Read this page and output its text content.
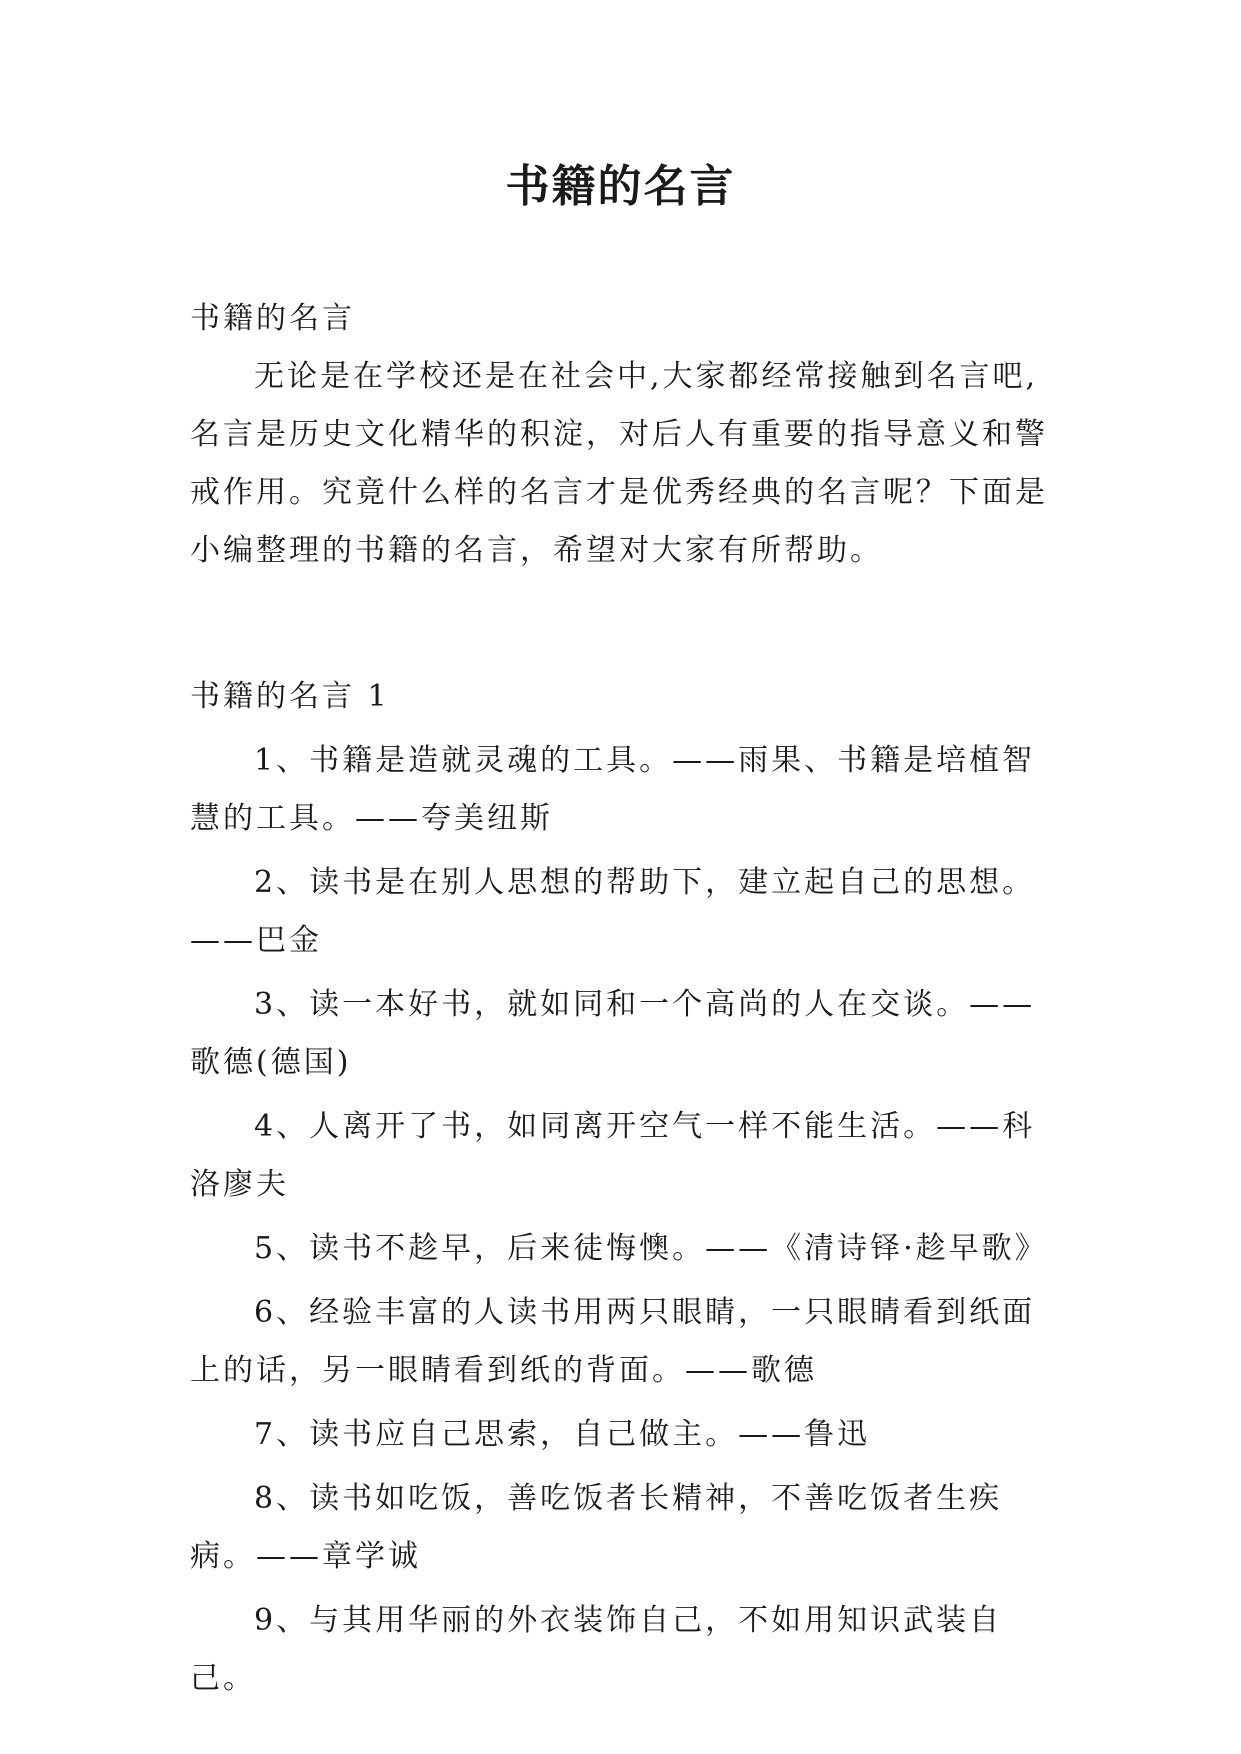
书籍的名言

书籍的名言

无论是在学校还是在社会中,大家都经常接触到名言吧,名言是历史文化精华的积淀，对后人有重要的指导意义和警戒作用。究竟什么样的名言才是优秀经典的名言呢？下面是小编整理的书籍的名言，希望对大家有所帮助。

书籍的名言 1

1、书籍是造就灵魂的工具。——雨果、书籍是培植智慧的工具。——夸美纽斯

2、读书是在别人思想的帮助下，建立起自己的思想。——巴金

3、读一本好书，就如同和一个高尚的人在交谈。——歌德(德国)

4、人离开了书，如同离开空气一样不能生活。——科洛廖夫

5、读书不趁早，后来徒悔懊。——《清诗铎·趁早歌》

6、经验丰富的人读书用两只眼睛，一只眼睛看到纸面上的话，另一眼睛看到纸的背面。——歌德

7、读书应自己思索，自己做主。——鲁迅

8、读书如吃饭，善吃饭者长精神，不善吃饭者生疾病。——章学诚

9、与其用华丽的外衣装饰自己，不如用知识武装自己。
